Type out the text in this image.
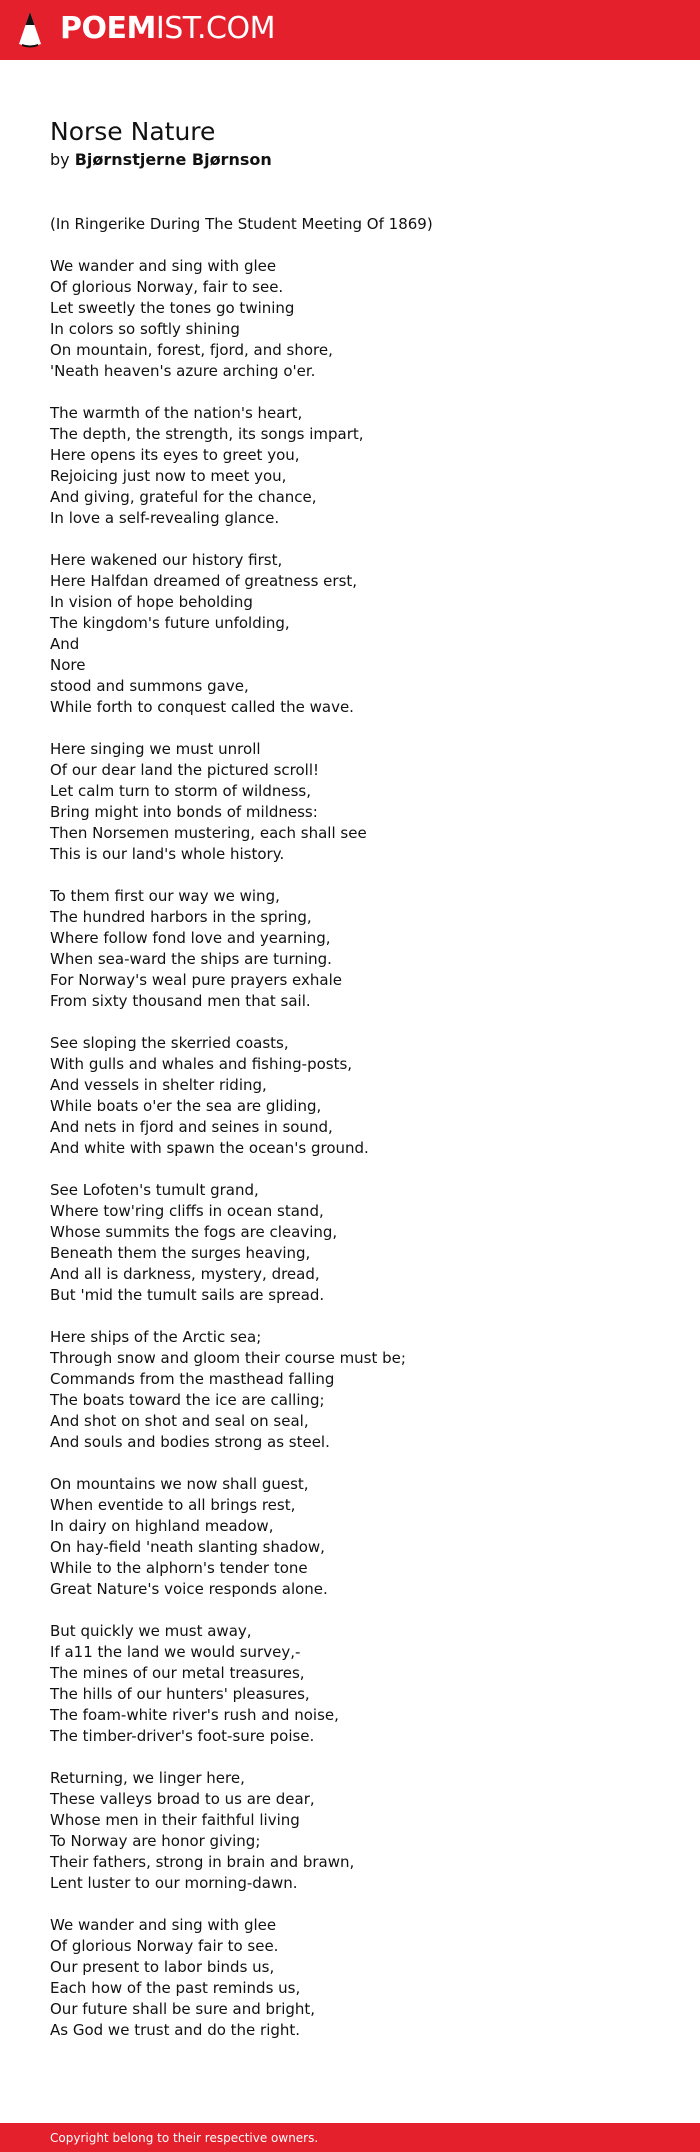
POEMIST.COM
Norse Nature
by Bjørnstjerne Bjørnson
(In Ringerike During The Student Meeting Of 1869)
We wander and sing with glee
Of glorious Norway, fair to see.
Let sweetly the tones go twining
In colors so softly shining
On mountain, forest, fjord, and shore,
'Neath heaven's azure arching o'er.
The warmth of the nation's heart,
The depth, the strength, its songs impart,
Here opens its eyes to greet you,
Rejoicing just now to meet you,
And giving, grateful for the chance,
In love a self-revealing glance.
Here wakened our history first,
Here Halfdan dreamed of greatness erst,
In vision of hope beholding
The kingdom's future unfolding,
And
Nore
stood and summons gave,
While forth to conquest called the wave.
Here singing we must unroll
Of our dear land the pictured scroll!
Let calm turn to storm of wildness,
Bring might into bonds of mildness:
Then Norsemen mustering, each shall see
This is our land's whole history.
To them first our way we wing,
The hundred harbors in the spring,
Where follow fond love and yearning,
When sea-ward the ships are turning.
For Norway's weal pure prayers exhale
From sixty thousand men that sail.
See sloping the skerried coasts,
With gulls and whales and fishing-posts,
And vessels in shelter riding,
While boats o'er the sea are gliding,
And nets in fjord and seines in sound,
And white with spawn the ocean's ground.
See Lofoten's tumult grand,
Where tow'ring cliffs in ocean stand,
Whose summits the fogs are cleaving,
Beneath them the surges heaving,
And all is darkness, mystery, dread,
But 'mid the tumult sails are spread.
Here ships of the Arctic sea;
Through snow and gloom their course must be;
Commands from the masthead falling
The boats toward the ice are calling;
And shot on shot and seal on seal,
And souls and bodies strong as steel.
On mountains we now shall guest,
When eventide to all brings rest,
In dairy on highland meadow,
On hay-field 'neath slanting shadow,
While to the alphorn's tender tone
Great Nature's voice responds alone.
But quickly we must away,
If a11 the land we would survey,-
The mines of our metal treasures,
The hills of our hunters' pleasures,
The foam-white river's rush and noise,
The timber-driver's foot-sure poise.
Returning, we linger here,
These valleys broad to us are dear,
Whose men in their faithful living
To Norway are honor giving;
Their fathers, strong in brain and brawn,
Lent luster to our morning-dawn.
We wander and sing with glee
Of glorious Norway fair to see.
Our present to labor binds us,
Each how of the past reminds us,
Our future shall be sure and bright,
As God we trust and do the right.
Copyright belong to their respective owners.
